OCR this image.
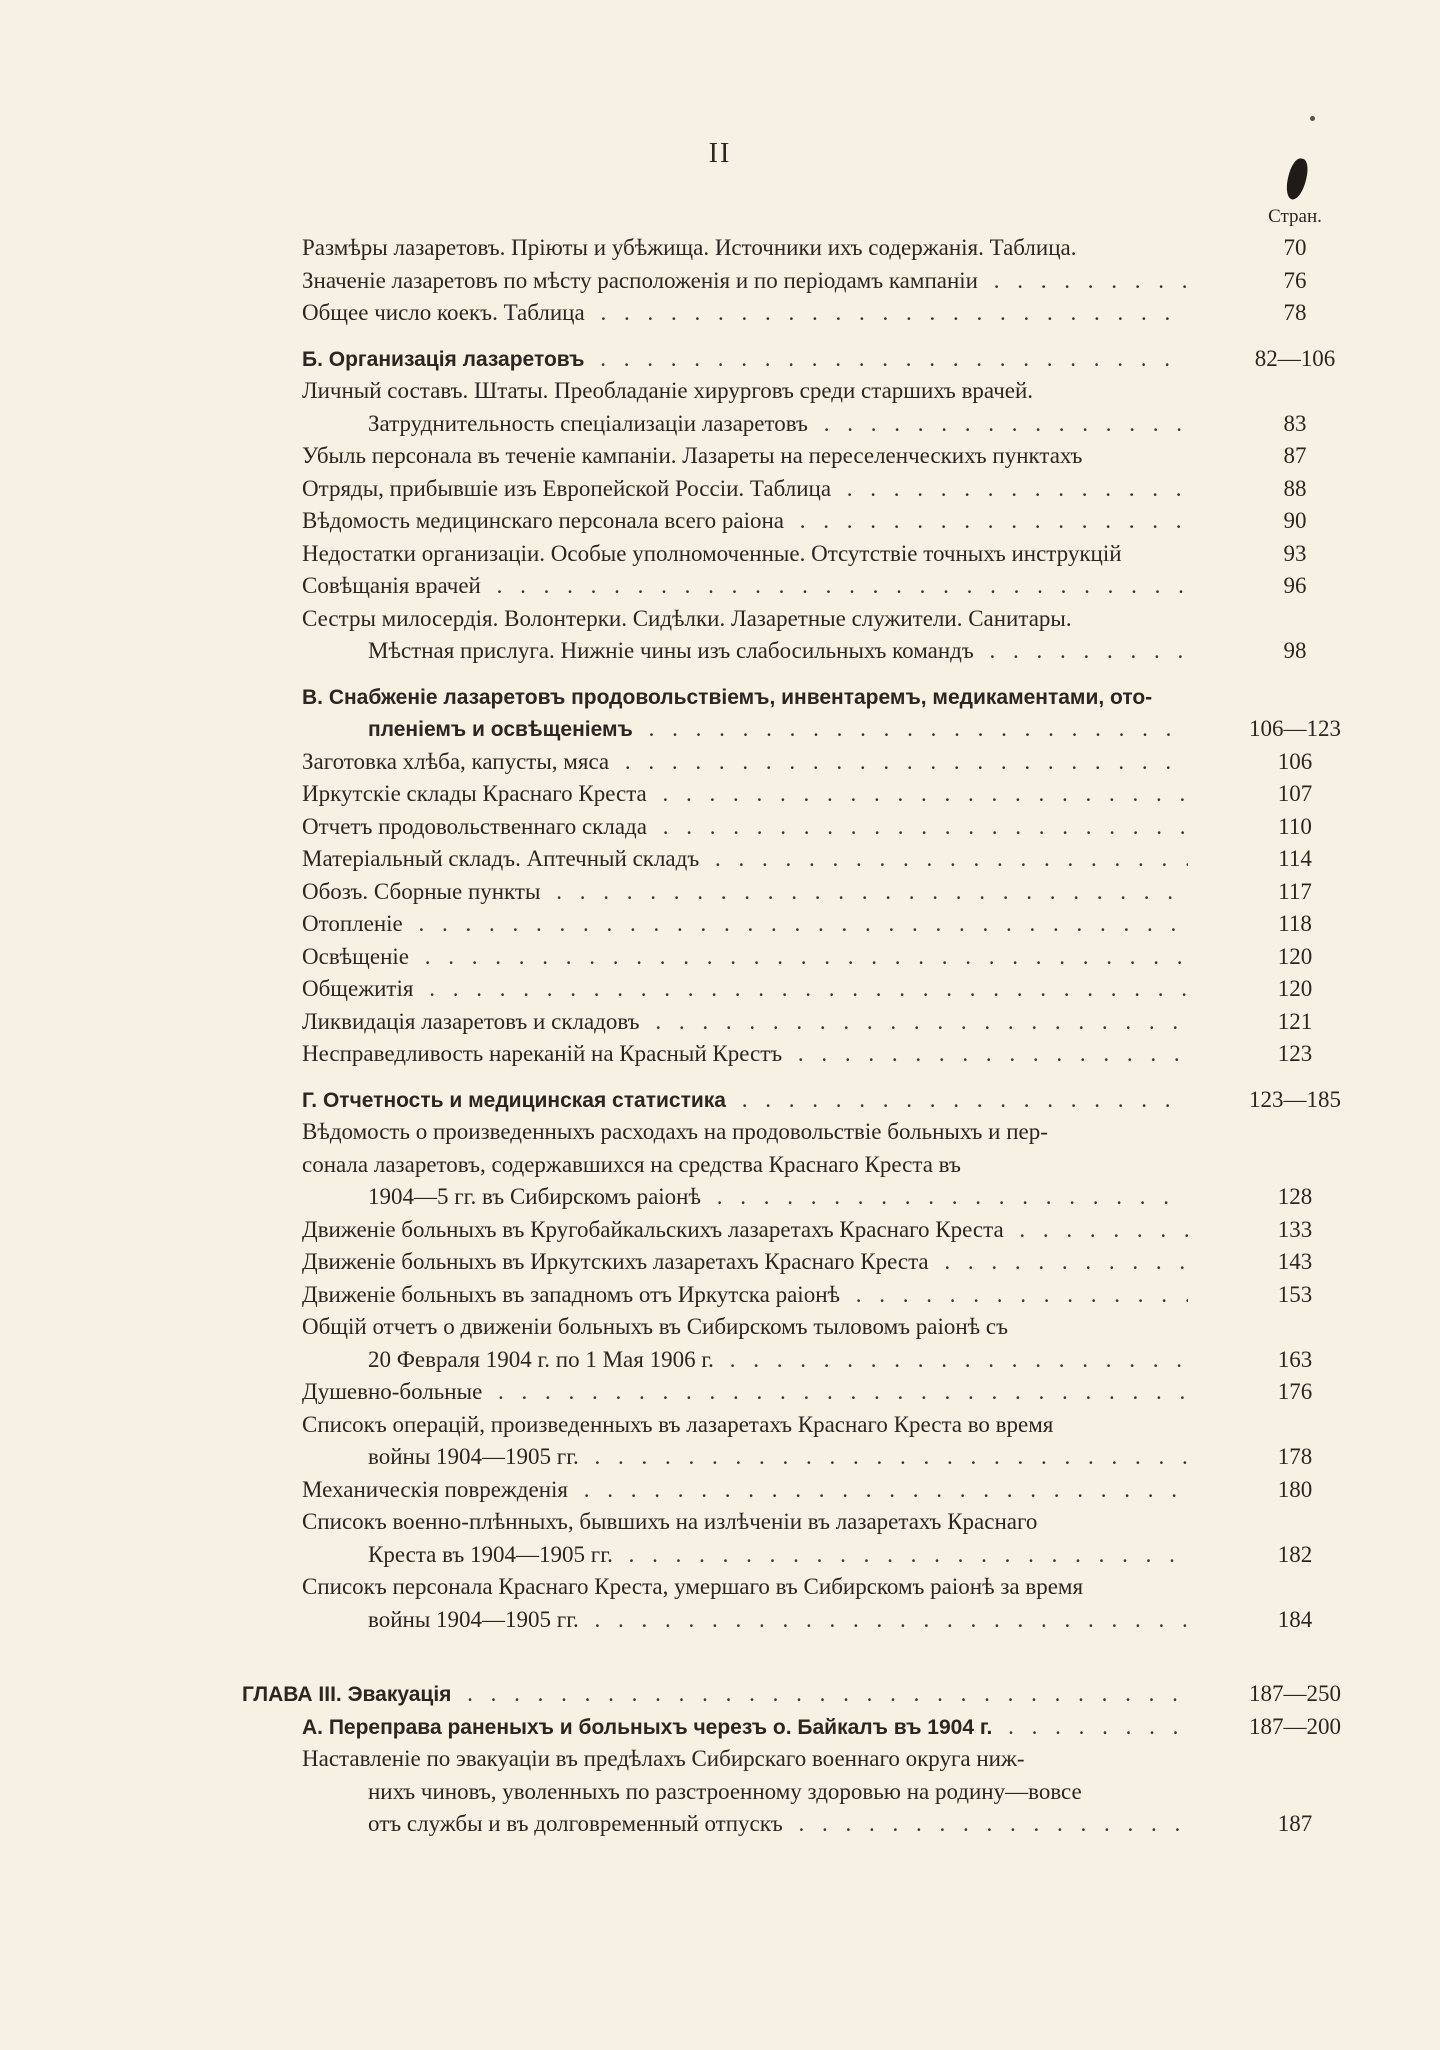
II
Стран.
Размѣры лазаретовъ. Пріюты и убѣжища. Источники ихъ содержанія. Таблица.	70
Значеніе лазаретовъ по мѣсту расположенія и по періодамъ кампаніи . . .	76
Общее число коекъ. Таблица . . .	78
Б. Организація лазаретовъ . . .	82—106
Личный составъ. Штаты. Преобладаніе хирурговъ среди старшихъ врачей.
Затруднительность спеціализаціи лазаретовъ . . .	83
Убыль персонала въ теченіе кампаніи. Лазареты на переселенческихъ пунктахъ	87
Отряды, прибывшіе изъ Европейской Россіи. Таблица . . .	88
Вѣдомость медицинскаго персонала всего раіона . . .	90
Недостатки организаціи. Особые уполномоченные. Отсутствіе точныхъ инструкцій	93
Совѣщанія врачей . . .	96
Сестры милосердія. Волонтерки. Сидѣлки. Лазаретные служители. Санитары.
Мѣстная прислуга. Нижніе чины изъ слабосильныхъ командъ . . .	98
В. Снабженіе лазаретовъ продовольствіемъ, инвентаремъ, медикаментами, ото-
пленіемъ и освѣщеніемъ . . .	106—123
Заготовка хлѣба, капусты, мяса . . .	106
Иркутскіе склады Краснаго Креста . . .	107
Отчетъ продовольственнаго склада . . .	110
Матеріальный складъ. Аптечный складъ . . .	114
Обозъ. Сборные пункты . . .	117
Отопленіе . . .	118
Освѣщеніе . . .	120
Общежитія . . .	120
Ликвидація лазаретовъ и складовъ . . .	121
Несправедливость нареканій на Красный Крестъ . . .	123
Г. Отчетность и медицинская статистика . . .	123—185
Вѣдомость о произведенныхъ расходахъ на продовольствіе больныхъ и пер-
сонала лазаретовъ, содержавшихся на средства Краснаго Креста въ
1904—5 гг. въ Сибирскомъ раіонѣ . . .	128
Движеніе больныхъ въ Кругобайкальскихъ лазаретахъ Краснаго Креста . . .	133
Движеніе больныхъ въ Иркутскихъ лазаретахъ Краснаго Креста . . .	143
Движеніе больныхъ въ западномъ отъ Иркутска раіонѣ . . .	153
Общій отчетъ о движеніи больныхъ въ Сибирскомъ тыловомъ раіонѣ съ
20 Февраля 1904 г. по 1 Мая 1906 г. . . .	163
Душевно-больные . . .	176
Списокъ операцій, произведенныхъ въ лазаретахъ Краснаго Креста во время
войны 1904—1905 гг. . . .	178
Механическія поврежденія . . .	180
Списокъ военно-плѣнныхъ, бывшихъ на излѣченіи въ лазаретахъ Краснаго
Креста въ 1904—1905 гг. . . .	182
Списокъ персонала Краснаго Креста, умершаго въ Сибирскомъ раіонѣ за время
войны 1904—1905 гг. . . .	184
ГЛАВА III. Эвакуація . . .	187—250
А. Переправа раненыхъ и больныхъ черезъ о. Байкалъ въ 1904 г. . . .	187—200
Наставленіе по эвакуаціи въ предѣлахъ Сибирскаго военнаго округа ниж-
нихъ чиновъ, уволенныхъ по разстроенному здоровью на родину—вовсе
отъ службы и въ долговременный отпускъ . . .	187
